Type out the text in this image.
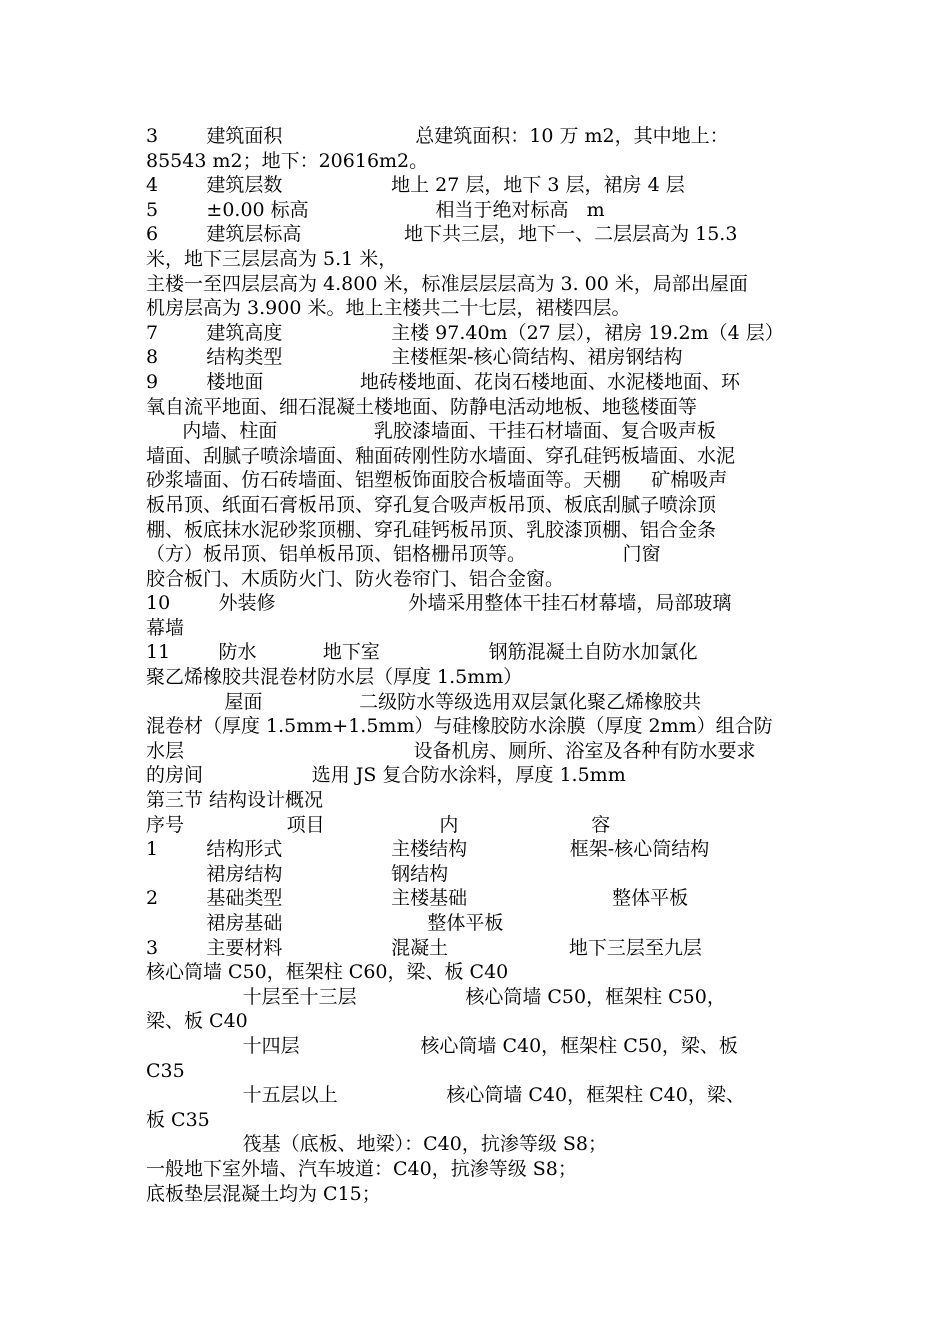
3        建筑面积                      总建筑面积：10 万 m2，其中地上：
85543 m2；地下：20616m2。
4        建筑层数                  地上 27 层，地下 3 层，裙房 4 层
5        ±0.00 标高                     相当于绝对标高   m
6        建筑层标高                 地下共三层，地下一、二层层高为 15.3
米，地下三层层高为 5.1 米，
主楼一至四层层高为 4.800 米，标准层层层高为 3. 00 米，局部出屋面
机房层高为 3.900 米。地上主楼共二十七层，裙楼四层。
7        建筑高度                  主楼 97.40m（27 层），裙房 19.2m（4 层）
8        结构类型                  主楼框架-核心筒结构、裙房钢结构
9        楼地面                地砖楼地面、花岗石楼地面、水泥楼地面、环
氧自流平地面、细石混凝土楼地面、防静电活动地板、地毯楼面等
内墙、柱面                乳胶漆墙面、干挂石材墙面、复合吸声板
墙面、刮腻子喷涂墙面、釉面砖刚性防水墙面、穿孔硅钙板墙面、水泥
砂浆墙面、仿石砖墙面、铝塑板饰面胶合板墙面等。天棚     矿棉吸声
板吊顶、纸面石膏板吊顶、穿孔复合吸声板吊顶、板底刮腻子喷涂顶
棚、板底抹水泥砂浆顶棚、穿孔硅钙板吊顶、乳胶漆顶棚、铝合金条
（方）板吊顶、铝单板吊顶、铝格栅吊顶等。                门窗
胶合板门、木质防火门、防火卷帘门、铝合金窗。
10        外装修                      外墙采用整体干挂石材幕墙，局部玻璃
幕墙
11        防水           地下室                  钢筋混凝土自防水加氯化
聚乙烯橡胶共混卷材防水层（厚度 1.5mm）
屋面                二级防水等级选用双层氯化聚乙烯橡胶共
混卷材（厚度 1.5mm+1.5mm）与硅橡胶防水涂膜（厚度 2mm）组合防
水层                                      设备机房、厕所、浴室及各种有防水要求
的房间                  选用 JS 复合防水涂料，厚度 1.5mm
第三节 结构设计概况
序号                 项目                   内                      容
1        结构形式                  主楼结构                 框架-核心筒结构
裙房结构                  钢结构
2        基础类型                  主楼基础                        整体平板
裙房基础                        整体平板
3        主要材料                  混凝土                    地下三层至九层
核心筒墙 C50，框架柱 C60，梁、板 C40
十层至十三层                  核心筒墙 C50，框架柱 C50，
梁、板 C40
十四层                    核心筒墙 C40，框架柱 C50，梁、板
C35
十五层以上                  核心筒墙 C40，框架柱 C40，梁、
板 C35
筏基（底板、地梁）：C40，抗渗等级 S8；
一般地下室外墙、汽车坡道：C40，抗渗等级 S8；
底板垫层混凝土均为 C15；
